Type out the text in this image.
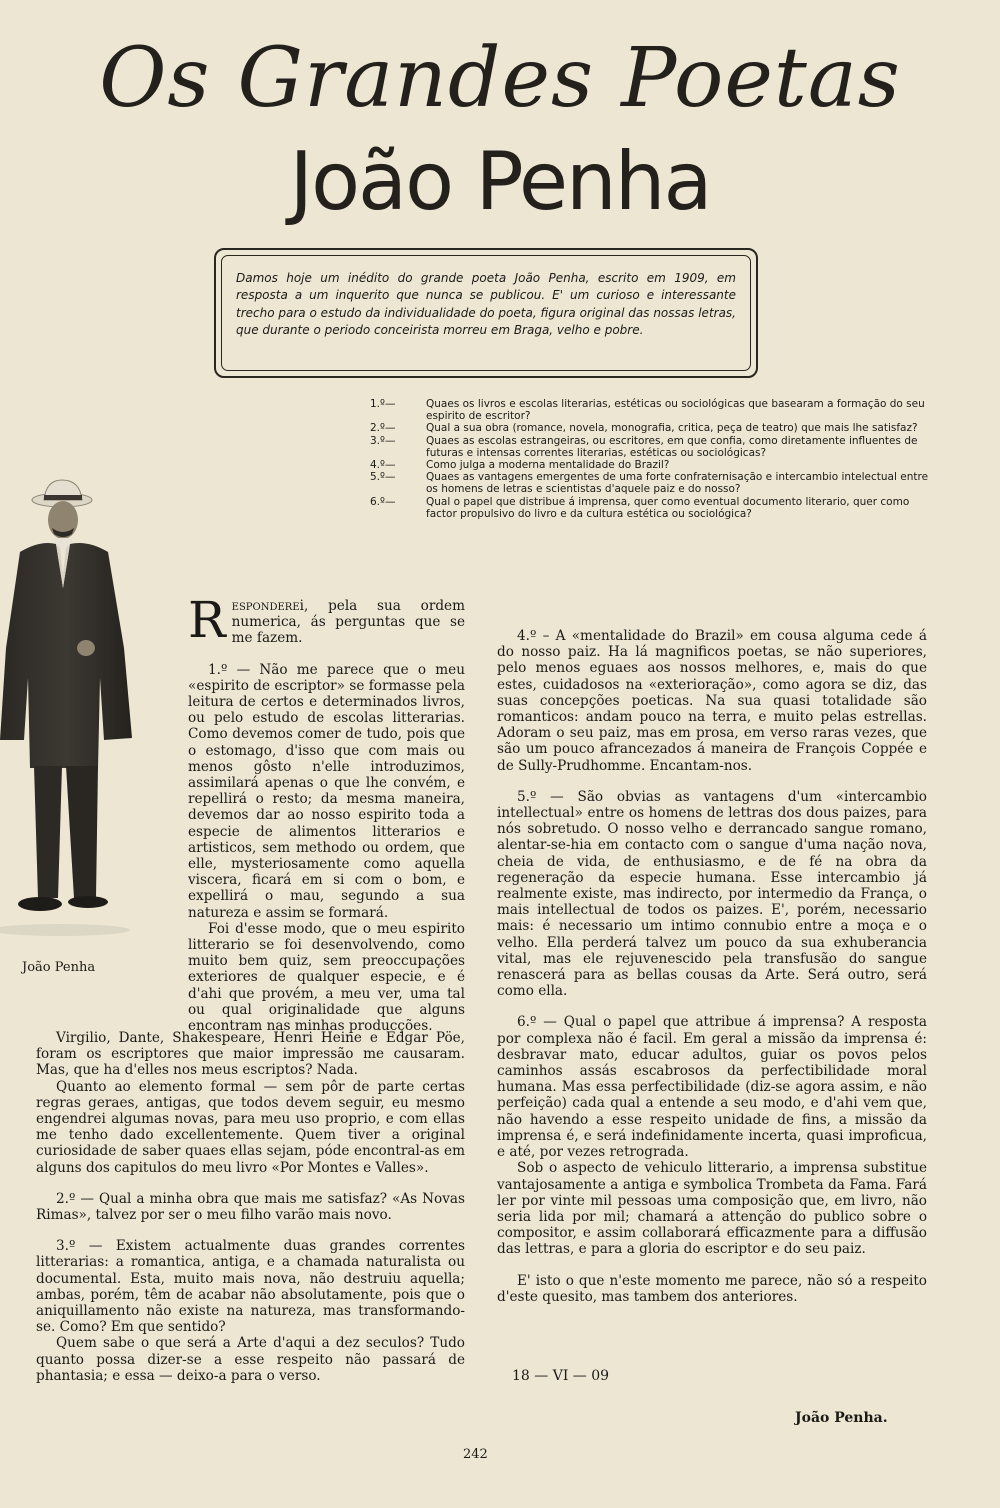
Os Grandes Poetas
João Penha

Damos hoje um inédito do grande poeta João Penha, escrito em 1909, em resposta a um inquerito que nunca se publicou. E' um curioso e interessante trecho para o estudo da individualidade do poeta, figura original das nossas letras, que durante o periodo conceirista morreu em Braga, velho e pobre.

1.º—	Quaes os livros e escolas literarias, estéticas ou sociológicas que basearam a formação do seu espirito de escritor?
2.º—	Qual a sua obra (romance, novela, monografia, critica, peça de teatro) que mais lhe satisfaz?
3.º—	Quaes as escolas estrangeiras, ou escritores, em que confia, como diretamente influentes de futuras e intensas correntes literarias, estéticas ou sociológicas?
4.º—	Como julga a moderna mentalidade do Brazil?
5.º—	Quaes as vantagens emergentes de uma forte confraternisação e intercambio intelectual entre os homens de letras e scientistas d'aquele paiz e do nosso?
6.º—	Qual o papel que distribue á imprensa, quer como eventual documento literario, quer como factor propulsivo do livro e da cultura estética ou sociológica?
João Penha
R esponderei, pela sua ordem numerica, ás perguntas que se me fazem.

1.º — Não me parece que o meu «espirito de escriptor» se formasse pela leitura de certos e determinados livros, ou pelo estudo de escolas litterarias. Como devemos comer de tudo, pois que o estomago, d'isso que com mais ou menos gôsto n'elle introduzimos, assimilará apenas o que lhe convém, e repellirá o resto; da mesma maneira, devemos dar ao nosso espirito toda a especie de alimentos litterarios e artisticos, sem methodo ou ordem, que elle, mysteriosamente como aquella viscera, ficará em si com o bom, e expellirá o mau, segundo a sua natureza e assim se formará.

Foi d'esse modo, que o meu espirito litterario se foi desenvolvendo, como muito bem quiz, sem preoccupações exteriores de qualquer especie, e é d'ahi que provém, a meu ver, uma tal ou qual originalidade que alguns encontram nas minhas producções.

Virgilio, Dante, Shakespeare, Henri Heine e Edgar Pöe, foram os escriptores que maior impressão me causaram. Mas, que ha d'elles nos meus escriptos? Nada.

Quanto ao elemento formal — sem pôr de parte certas regras geraes, antigas, que todos devem seguir, eu mesmo engendrei algumas novas, para meu uso proprio, e com ellas me tenho dado excellentemente. Quem tiver a original curiosidade de saber quaes ellas sejam, póde encontral-as em alguns dos capitulos do meu livro «Por Montes e Valles».

2.º — Qual a minha obra que mais me satisfaz? «As Novas Rimas», talvez por ser o meu filho varão mais novo.

3.º — Existem actualmente duas grandes correntes litterarias: a romantica, antiga, e a chamada naturalista ou documental. Esta, muito mais nova, não destruiu aquella; ambas, porém, têm de acabar não absolutamente, pois que o aniquillamento não existe na natureza, mas transformando-se. Como? Em que sentido?

Quem sabe o que será a Arte d'aqui a dez seculos? Tudo quanto possa dizer-se a esse respeito não passará de phantasia; e essa — deixo-a para o verso.

4.º – A «mentalidade do Brazil» em cousa alguma cede á do nosso paiz. Ha lá magnificos poetas, se não superiores, pelo menos eguaes aos nossos melhores, e, mais do que estes, cuidadosos na «exterioração», como agora se diz, das suas concepções poeticas. Na sua quasi totalidade são romanticos: andam pouco na terra, e muito pelas estrellas. Adoram o seu paiz, mas em prosa, em verso raras vezes, que são um pouco afrancezados á maneira de François Coppée e de Sully-Prudhomme. Encantam-nos.

5.º — São obvias as vantagens d'um «intercambio intellectual» entre os homens de lettras dos dous paizes, para nós sobretudo. O nosso velho e derrancado sangue romano, alentar-se-hia em contacto com o sangue d'uma nação nova, cheia de vida, de enthusiasmo, e de fé na obra da regeneração da especie humana. Esse intercambio já realmente existe, mas indirecto, por intermedio da França, o mais intellectual de todos os paizes. E', porém, necessario mais: é necessario um intimo connubio entre a moça e o velho. Ella perderá talvez um pouco da sua exhuberancia vital, mas ele rejuvenescido pela transfusão do sangue renascerá para as bellas cousas da Arte. Será outro, será como ella.

6.º — Qual o papel que attribue á imprensa? A resposta por complexa não é facil. Em geral a missão da imprensa é: desbravar mato, educar adultos, guiar os povos pelos caminhos assás escabrosos da perfectibilidade moral humana. Mas essa perfectibilidade (diz-se agora assim, e não perfeição) cada qual a entende a seu modo, e d'ahi vem que, não havendo a esse respeito unidade de fins, a missão da imprensa é, e será indefinidamente incerta, quasi improficua, e até, por vezes retrograda.

Sob o aspecto de vehiculo litterario, a imprensa substitue vantajosamente a antiga e symbolica Trombeta da Fama. Fará ler por vinte mil pessoas uma composição que, em livro, não seria lida por mil; chamará a attenção do publico sobre o compositor, e assim collaborará efficazmente para a diffusão das lettras, e para a gloria do escriptor e do seu paiz.

E' isto o que n'este momento me parece, não só a respeito d'este quesito, mas tambem dos anteriores.

18 — VI — 09
João Penha.
242
